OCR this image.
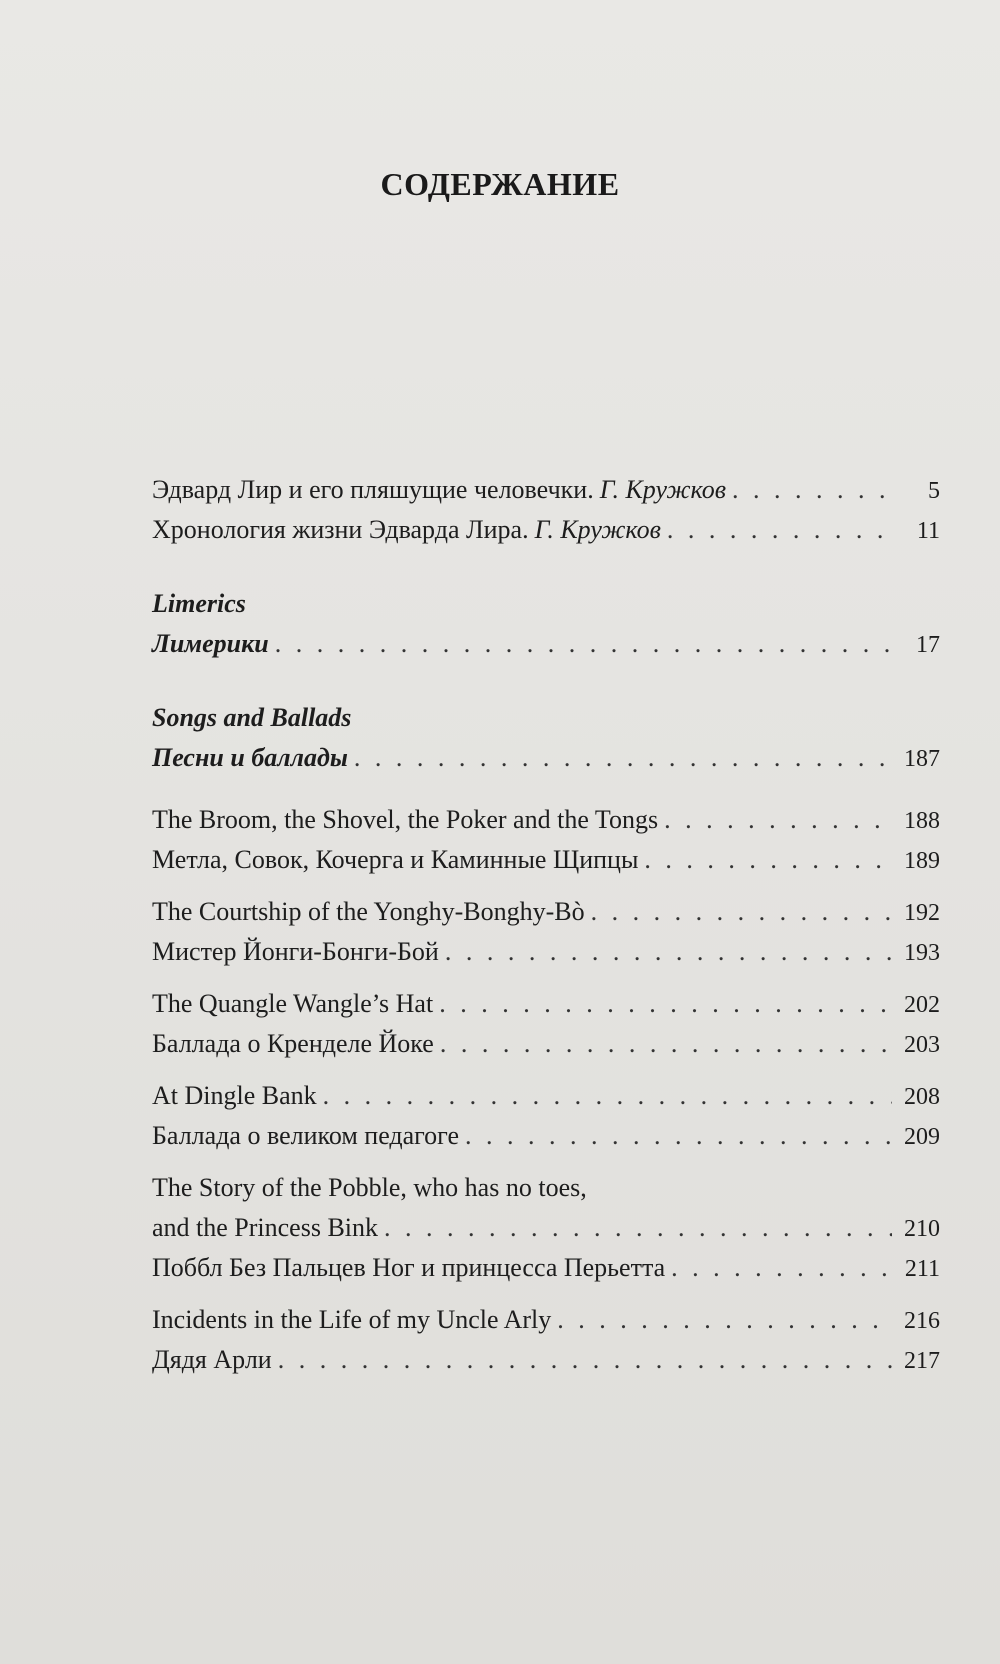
СОДЕРЖАНИЕ
Эдвард Лир и его пляшущие человечки. Г. Кружков . . .	5
Хронология жизни Эдварда Лира. Г. Кружков . . .	11
Limerics
Лимерики . . .	17
Songs and Ballads
Песни и баллады . . .	187
The Broom, the Shovel, the Poker and the Tongs . . .	188
Метла, Совок, Кочерга и Каминные Щипцы . . .	189
The Courtship of the Yonghy-Bonghy-Bò . . .	192
Мистер Йонги-Бонги-Бой . . .	193
The Quangle Wangle’s Hat . . .	202
Баллада о Кренделе Йоке . . .	203
At Dingle Bank . . .	208
Баллада о великом педагоге . . .	209
The Story of the Pobble, who has no toes,
and the Princess Bink . . .	210
Поббл Без Пальцев Ног и принцесса Перьетта . . .	211
Incidents in the Life of my Uncle Arly . . .	216
Дядя Арли . . .	217
